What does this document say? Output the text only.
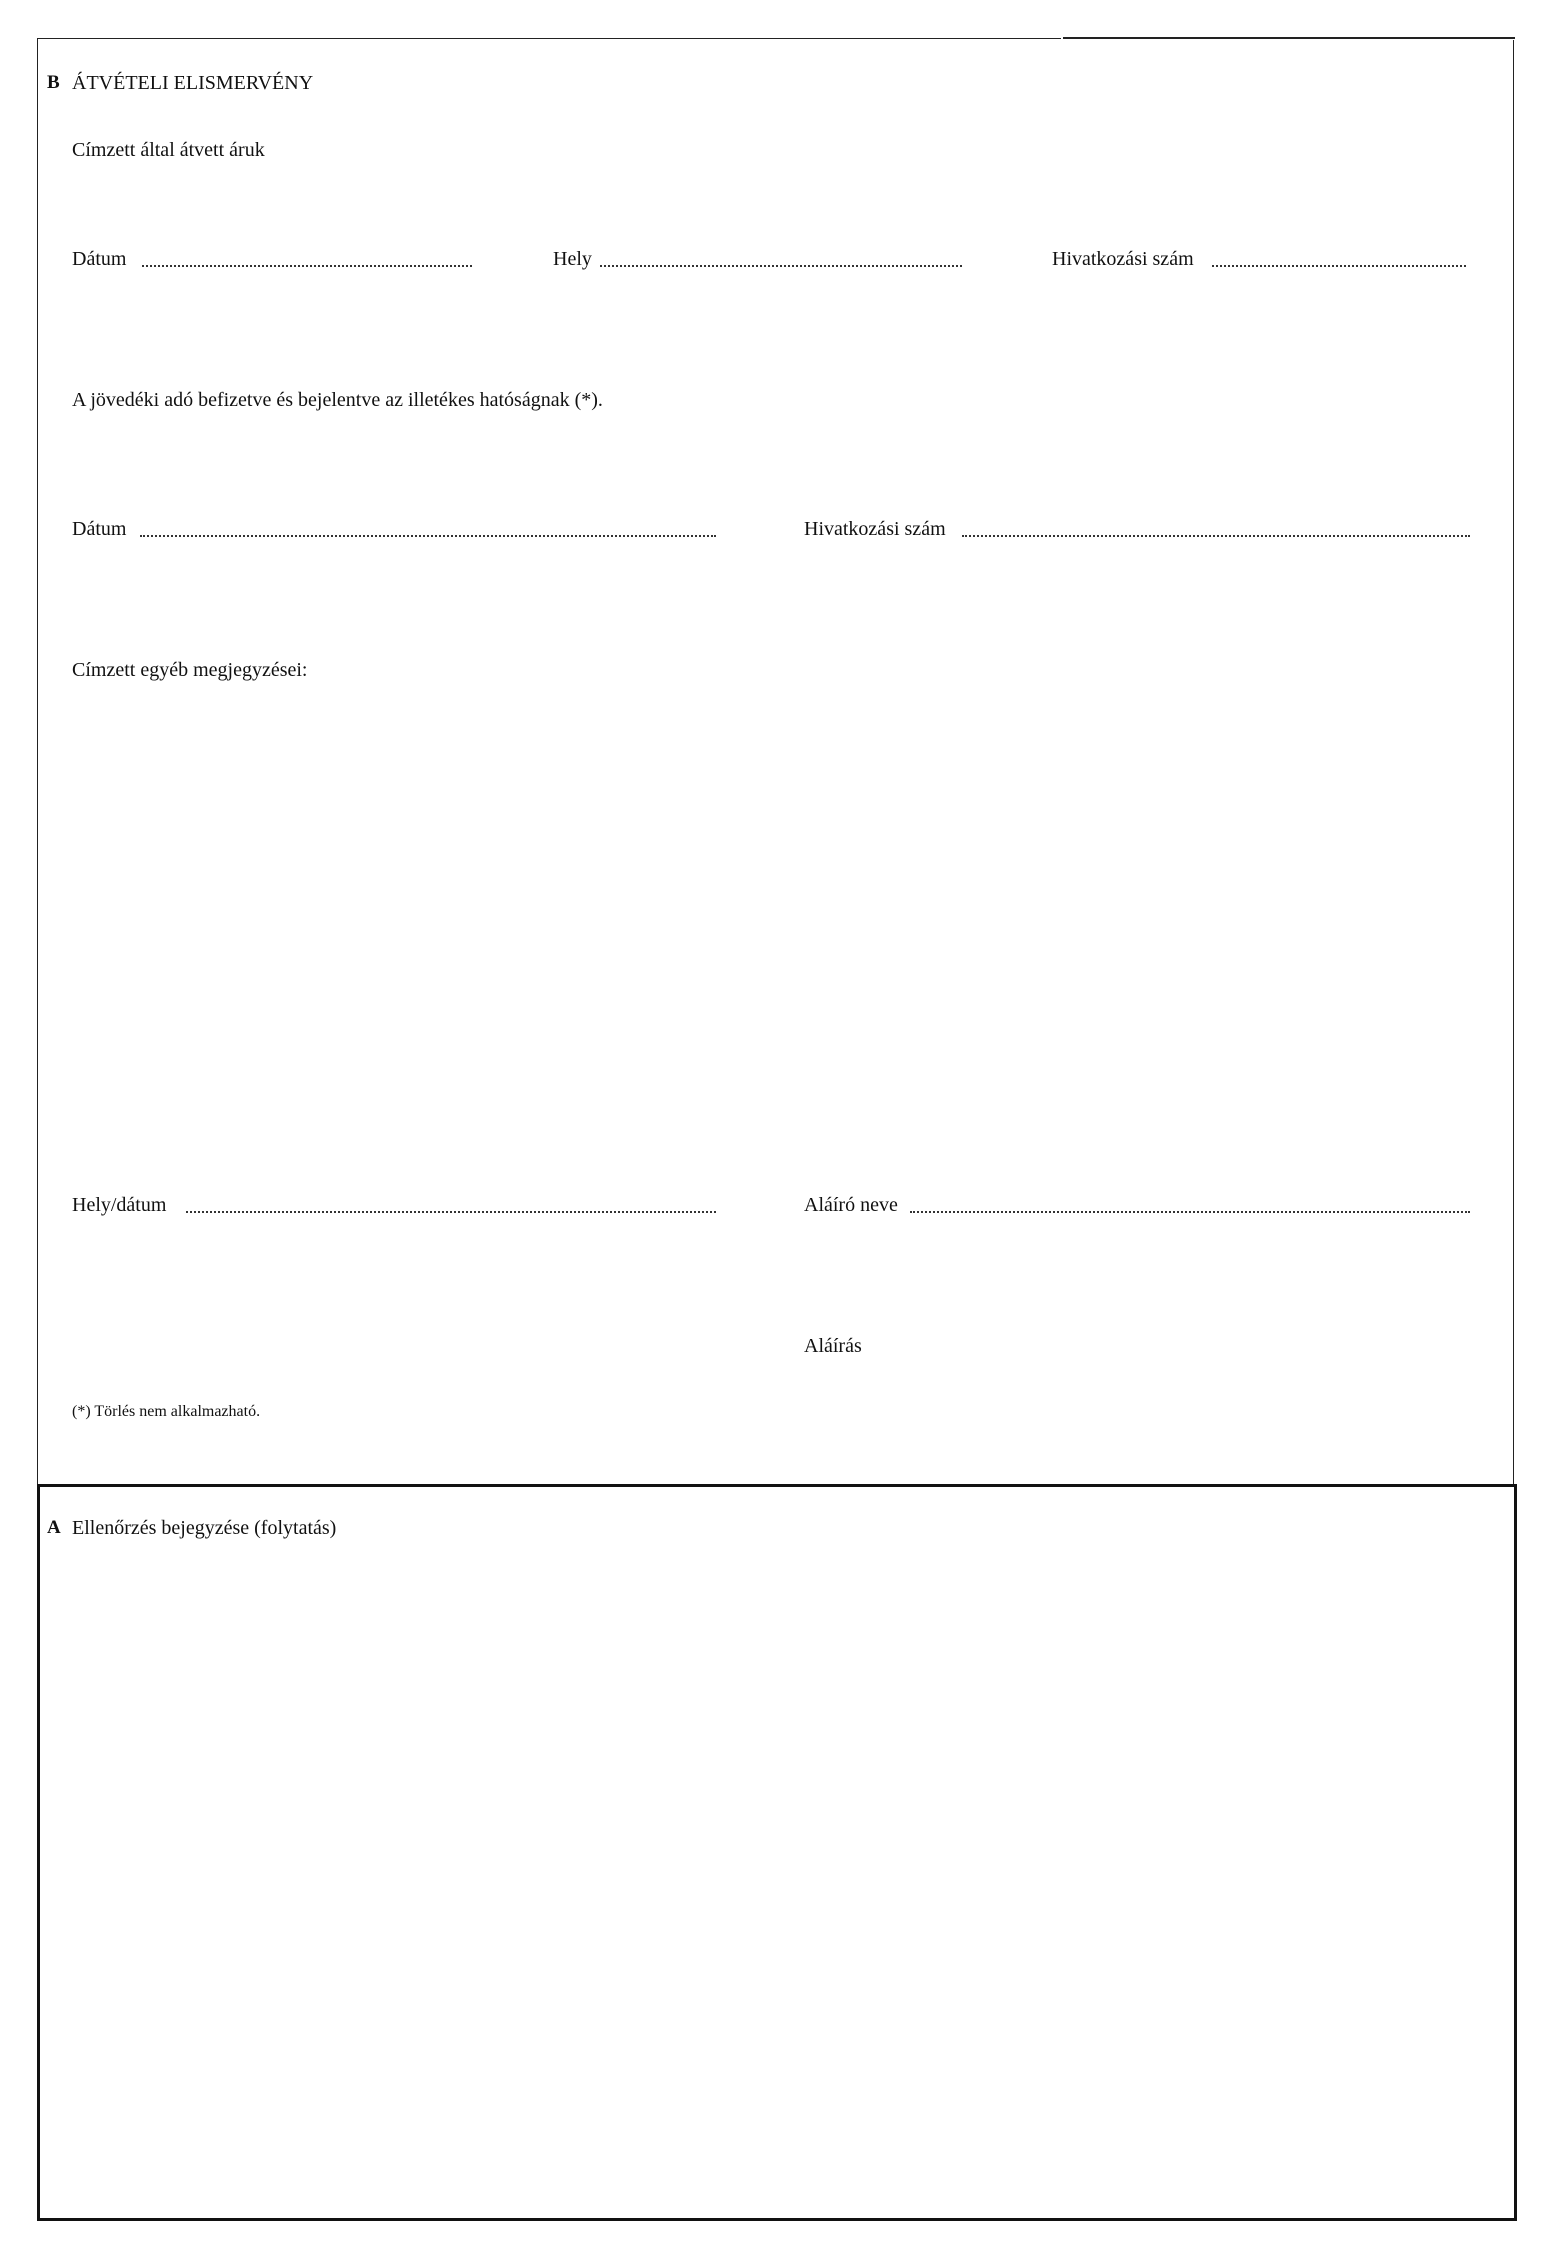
B ÁTVÉTELI ELISMERVÉNY
Címzett által átvett áruk
Dátum	Hely	Hivatkozási szám
A jövedéki adó befizetve és bejelentve az illetékes hatóságnak (*).
Dátum	Hivatkozási szám
Címzett egyéb megjegyzései:
Hely/dátum	Aláíró neve
Aláírás
(*) Törlés nem alkalmazható.
A Ellenőrzés bejegyzése (folytatás)
